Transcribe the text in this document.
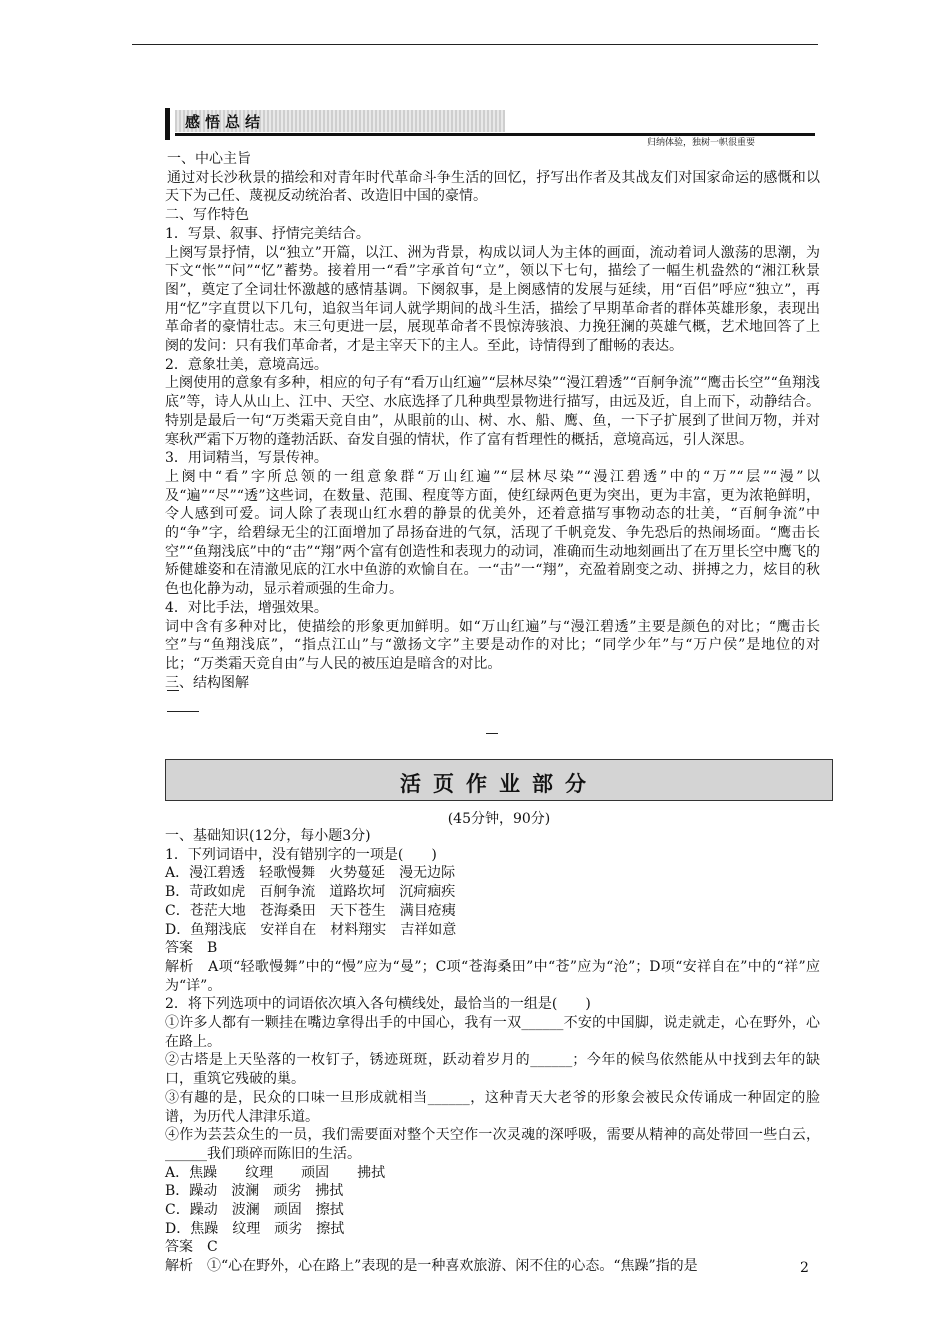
感悟总结
归纳体验，独树一帜很重要

一、中心主旨

通过对长沙秋景的描绘和对青年时代革命斗争生活的回忆，抒写出作者及其战友们对国家命运的感慨和以天下为己任、蔑视反动统治者、改造旧中国的豪情。

二、写作特色

1．写景、叙事、抒情完美结合。

上阕写景抒情，以“独立”开篇，以江、洲为背景，构成以词人为主体的画面，流动着词人激荡的思潮，为下文“怅”“问”“忆”蓄势。接着用一“看”字承首句“立”，领以下七句，描绘了一幅生机盎然的“湘江秋景图”，奠定了全词壮怀激越的感情基调。下阕叙事，是上阕感情的发展与延续，用“百侣”呼应“独立”，再用“忆”字直贯以下几句，追叙当年词人就学期间的战斗生活，描绘了早期革命者的群体英雄形象，表现出革命者的豪情壮志。末三句更进一层，展现革命者不畏惊涛骇浪、力挽狂澜的英雄气概，艺术地回答了上阕的发问：只有我们革命者，才是主宰天下的主人。至此，诗情得到了酣畅的表达。

2．意象壮美，意境高远。

上阕使用的意象有多种，相应的句子有“看万山红遍”“层林尽染”“漫江碧透”“百舸争流”“鹰击长空”“鱼翔浅底”等，诗人从山上、江中、天空、水底选择了几种典型景物进行描写，由远及近，自上而下，动静结合。特别是最后一句“万类霜天竞自由”，从眼前的山、树、水、船、鹰、鱼，一下子扩展到了世间万物，并对寒秋严霜下万物的蓬勃活跃、奋发自强的情状，作了富有哲理性的概括，意境高远，引人深思。

3．用词精当，写景传神。

上阕中“看”字所总领的一组意象群“万山红遍”“层林尽染”“漫江碧透”中的“万”“层”“漫”以及“遍”“尽”“透”这些词，在数量、范围、程度等方面，使红绿两色更为突出，更为丰富，更为浓艳鲜明，令人感到可爱。词人除了表现山红水碧的静景的优美外，还着意描写事物动态的壮美，“百舸争流”中的“争”字，给碧绿无尘的江面增加了昂扬奋进的气氛，活现了千帆竞发、争先恐后的热闹场面。“鹰击长空”“鱼翔浅底”中的“击”“翔”两个富有创造性和表现力的动词，准确而生动地刻画出了在万里长空中鹰飞的矫健雄姿和在清澈见底的江水中鱼游的欢愉自在。一“击”一“翔”，充盈着剧变之动、拼搏之力，炫目的秋色也化静为动，显示着顽强的生命力。

4．对比手法，增强效果。

词中含有多种对比，使描绘的形象更加鲜明。如“万山红遍”与“漫江碧透”主要是颜色的对比；“鹰击长空”与“鱼翔浅底”，“指点江山”与“激扬文字”主要是动作的对比；“同学少年”与“万户侯”是地位的对比；“万类霜天竞自由”与人民的被压迫是暗含的对比。

三、结构图解

活页作业部分
(45分钟，90分)

一、基础知识(12分，每小题3分)

1．下列词语中，没有错别字的一项是(　　)

A．漫江碧透　轻歌慢舞　火势蔓延　漫无边际

B．苛政如虎　百舸争流　道路坎坷　沉疴痼疾

C．苍茫大地　苍海桑田　天下苍生　满目疮痍

D．鱼翔浅底　安祥自在　材料翔实　吉祥如意

答案　B

解析　A项“轻歌慢舞”中的“慢”应为“曼”；C项“苍海桑田”中“苍”应为“沧”；D项“安祥自在”中的“祥”应为“详”。

2．将下列选项中的词语依次填入各句横线处，最恰当的一组是(　　)

①许多人都有一颗挂在嘴边拿得出手的中国心，我有一双______不安的中国脚，说走就走，心在野外，心在路上。

②古塔是上天坠落的一枚钉子，锈迹斑斑，跃动着岁月的______；今年的候鸟依然能从中找到去年的缺口，重筑它残破的巢。

③有趣的是，民众的口味一旦形成就相当______，这种青天大老爷的形象会被民众传诵成一种固定的脸谱，为历代人津津乐道。

④作为芸芸众生的一员，我们需要面对整个天空作一次灵魂的深呼吸，需要从精神的高处带回一些白云，______我们琐碎而陈旧的生活。

A．焦躁　　纹理　　顽固　　拂拭

B．躁动　波澜　顽劣　拂拭

C．躁动　波澜　顽固　擦拭

D．焦躁　纹理　顽劣　擦拭

答案　C

解析　①“心在野外，心在路上”表现的是一种喜欢旅游、闲不住的心态。“焦躁”指的是	2
